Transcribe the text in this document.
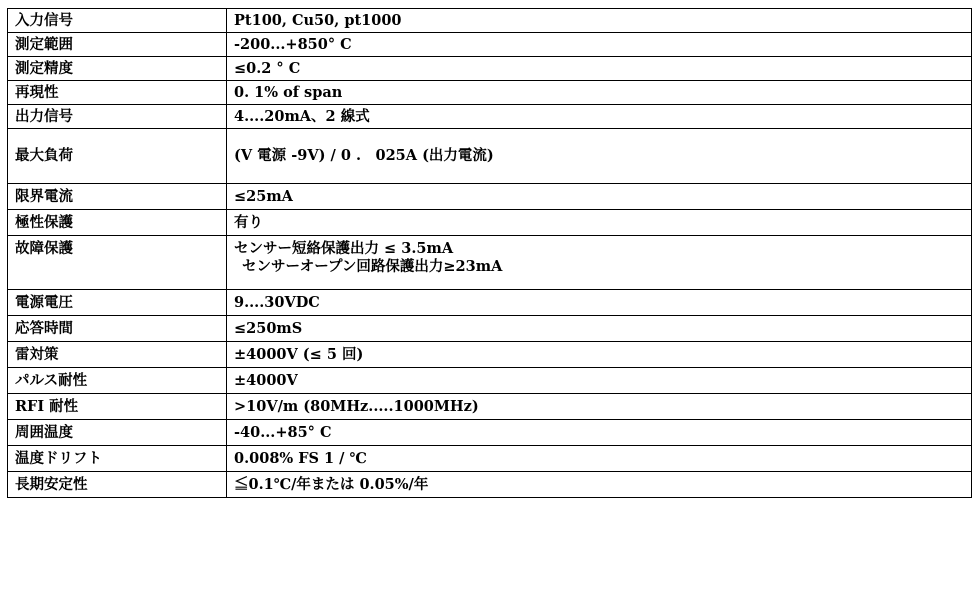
入力信号	Pt100, Cu50, pt1000
測定範囲	-200...+850° C
測定精度	≤0.2 ° C
再現性	0. 1% of span
出力信号	4....20mA、2 線式
最大負荷	(V 電源 -9V) / 0 .　025A (出力電流)
限界電流	≤25mA
極性保護	有り
故障保護	センサー短絡保護出力 ≤ 3.5mA
センサーオープン回路保護出力≥23mA

電源電圧	9....30VDC
応答時間	≤250mS
雷対策	±4000V (≤ 5 回)
パルス耐性	±4000V
RFI 耐性	>10V/m (80MHz.....1000MHz)
周囲温度	-40...+85° C
温度ドリフト	0.008% FS 1 / ℃
長期安定性	≦0.1℃/年または 0.05%/年
